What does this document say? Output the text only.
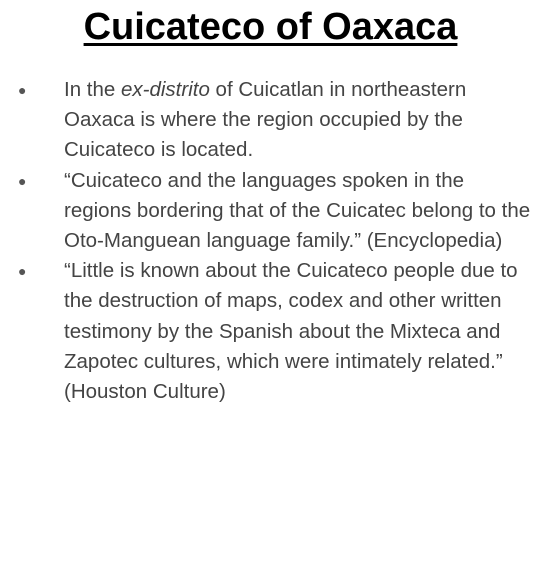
Cuicateco of Oaxaca
● In the ex-distrito of Cuicatlan in northeastern Oaxaca is where the region occupied by the Cuicateco is located.
● “Cuicateco and the languages spoken in the regions bordering that of the Cuicatec belong to the Oto-Manguean language family.” (Encyclopedia)
● “Little is known about the Cuicateco people due to the destruction of maps, codex and other written testimony by the Spanish about the Mixteca and Zapotec cultures, which were intimately related.” (Houston Culture)
